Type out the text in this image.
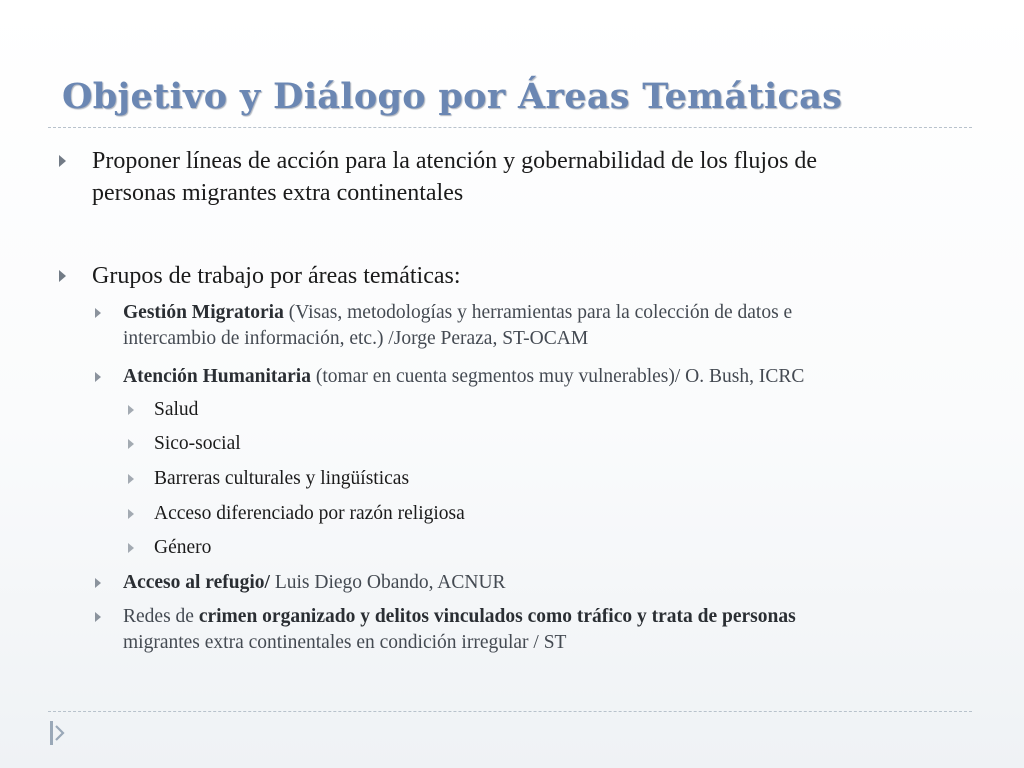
Objetivo y Diálogo por Áreas Temáticas
Proponer líneas de acción para la atención y gobernabilidad de los flujos de
personas migrantes extra continentales
Grupos de trabajo por áreas temáticas:
Gestión Migratoria (Visas, metodologías y herramientas para la colección de datos e
intercambio de información, etc.) /Jorge Peraza, ST-OCAM
Atención Humanitaria (tomar en cuenta segmentos muy vulnerables)/ O. Bush, ICRC
Salud
Sico-social
Barreras culturales y lingüísticas
Acceso diferenciado por razón religiosa
Género
Acceso al refugio/ Luis Diego Obando, ACNUR
Redes de crimen organizado y delitos vinculados como tráfico y trata de personas
migrantes extra continentales en condición irregular / ST
